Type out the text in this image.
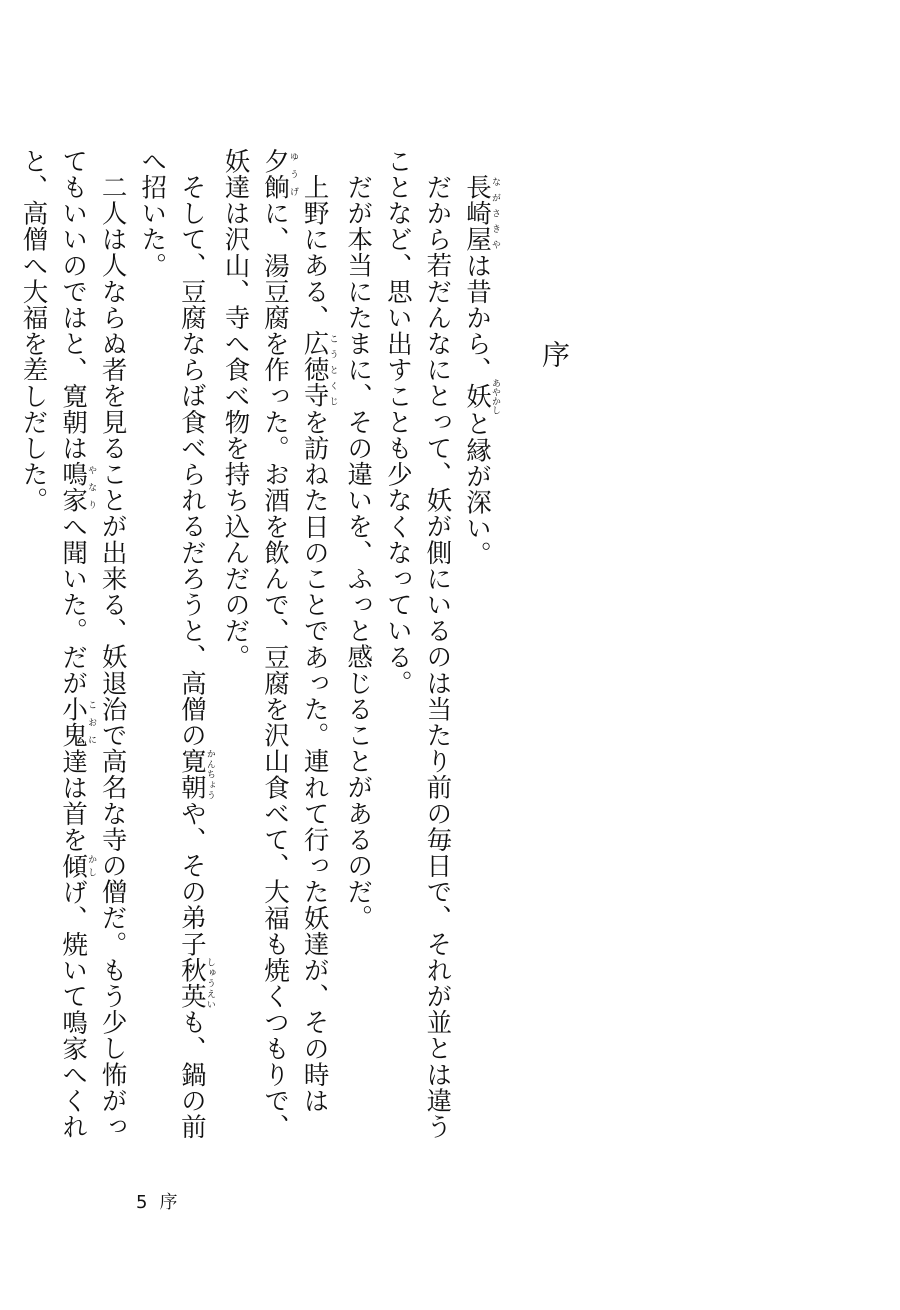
序

長崎屋ながさきやは昔から、妖あやかしと縁が深い。

だから若だんなにとって、妖が側にいるのは当たり前の毎日で、それが並とは違うことなど、思い出すことも少なくなっている。

だが本当にたまに、その違いを、ふっと感じることがあるのだ。

上野にある、広徳寺こうとくじを訪ねた日のことであった。連れて行った妖達が、その時は夕餉ゆうげに、湯豆腐を作った。お酒を飲んで、豆腐を沢山食べて、大福も焼くつもりで、妖達は沢山、寺へ食べ物を持ち込んだのだ。

そして、豆腐ならば食べられるだろうと、高僧の寛朝かんちょうや、その弟子秋英しゅうえいも、鍋の前へ招いた。

二人は人ならぬ者を見ることが出来る、妖退治で高名な寺の僧だ。もう少し怖がってもいいのではと、寛朝は鳴家やなりへ聞いた。だが小鬼こおに達は首を傾かしげ、焼いて鳴家へくれと、高僧へ大福を差しだした。

5 序
